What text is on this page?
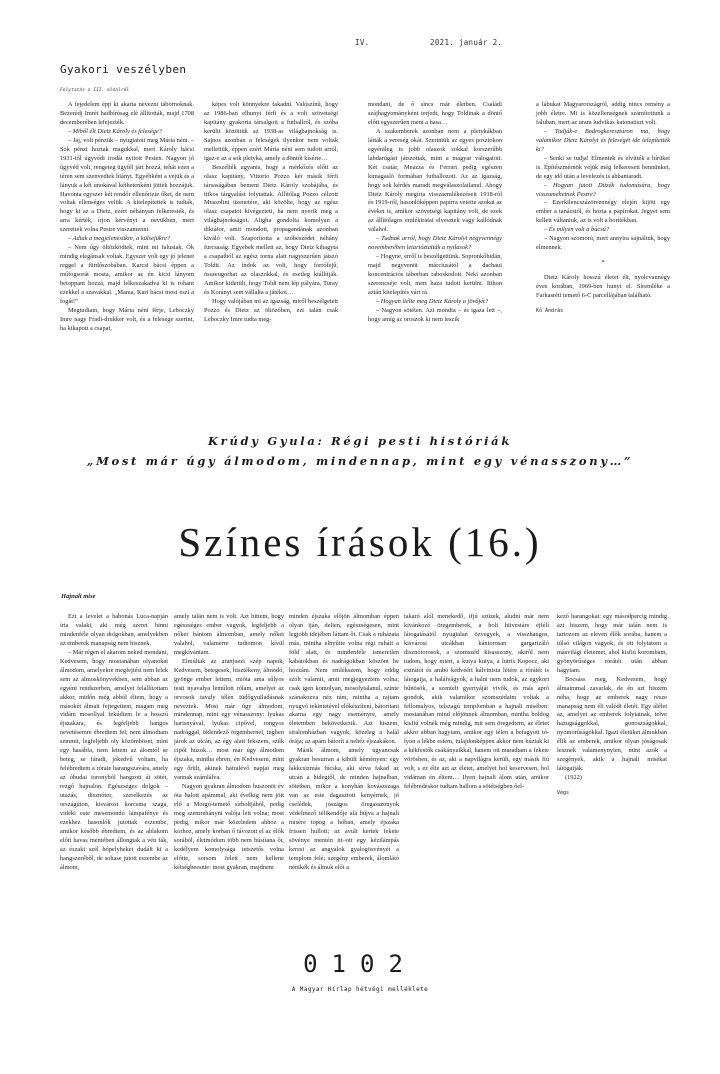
IV.	2021. január 2.
Gyakori veszélyben
Folytatás a III. oldalról

A fejedelem épp ki akarta nevezni tábornoknak. Bezerédj Imrét hadbírósag elé állították, majd 1708 decemberében lefejezték.

– Miből élt Dietz Károly és felesége?

– Jaj, volt pénzük – nyugtatott meg Mária néni. – Sok pénzt hoztak magukkal, mert Károly bácsi 1931-től úgyvédi irodát nyitott Pesten. Nagyon jó úgyvéd volt, rengeteg ügyfél járt hozzá, tehát ezen a téren sem szenvedtek hiányt. Egyébként a vejük és a lányuk a két unokával kéthetenként jöttek hozzájuk. Havonta egyszer két rendőr ellenőrizte őket, de nem voltak ellenséges velük. A kitelepítettek is tudták, hogy ki az a Dietz, ezért néhányan felkeresték, és arra kérték, írjon kérvényt a nevükben, mert szerettek volna Pestre visszamenni.

– Adtak a megjelenésükre, a külsejükre?

– Nem úgy öltözködtek, mint mi falusiak. Ők mindig elegánsak voltak. Egyszer volt egy jó jelenet reggel a fürdőszobában. Karcsi bácsi éppen a műfogsorát mosta, amikor az én kicsi lányom betoppant hozzá, majd lelkeszakadva ki is rohant ezekkel a szavakkal. „Mama, Kari bácsi most eszi a fogát!”

Megtudtam, hogy Mária néni férje, Leboczky Imre nagy Fradi-drukker volt, és a felesége szerint, ha kikapott a csapat,

képes volt könnyekre fakadni. Valószínű, hogy az 1986-ban elhunyt férfi és a volt szövetségi kapitány gyakorta társalgott a futballról, és szóba kerülit közöttük az 1938-as világbajnokság is. Sajnos azonban a feleségek ilyenkor nem voltak mellettük, éppen ezért Mária néni sem tudott arról, igaz-e az a sok pletyka, amely a döntőt kísérte…

Beszélték ugyanis, hogy a mérkőzés előtt az olasz kapitány, Vittorio Pozzo két másik férfi társaságában bement Dietz Károly szobájába, és titkos tárgyalást folytattak. Állítólag Pozzo célzott Mussolini üzenetére, aki közölte, hogy az egész olasz csapatot kivégezteti, ha nem nyerik meg a világbajnokságot. Aligha gondolta komolyan a diktátor, amit mondott, propagandának azonban kiváló volt. Szaporította a szóbeszédet néhány furcsaság. Egyebek mellett az, hogy Dietz kihagyta a csapatból az egész torna alatt nagyszerűen játszó Toldit. Az indok az volt, hogy forrófejű, összeugorhat az olaszokkal, és esetleg kiállítják. Amikor kiderült, hogy Toldi nem lép pályára, Turay és Korányi sem vállalta a játékot…

Hogy valójában mi az igazság, miről beszélgetett Pozzo és Dietz az öltözőben, ezt talán csak Leboczky Imre tudta meg-

mondani, de ő sincs már életben. Családi szájhagyományként terjedt, hogy Toldinak a döntő előtt egyszerűen ment a hasa…

A szakemberek azonban nem a pletykákban látták a vereség okát. Szerintük az egyes posztokon egyénileg is jobb olaszok sokkal korszerűbb labdarúgást játszottak, mint a magyar válogatott. Két csatár, Meazza és Ferrari pedig egészen kimagasló formában futballozott. Az az igazság, hogy sok kérdés maradt megválaszolatlanul. Ahogy Dietz Károly megírta visszaemlékezéseit 1918-ról és 1919-ről, hasonlóképpen papírra vetette azokat az éveket is, amikor szövetségi kapitány volt, de ezek az állítólagos emlékiratai elvesztek vagy kallódnak valahol.

– Tudnak arról, hogy Dietz Károlyt negyvennégy novemberében letartóztatták a nyilasok?

– Hogyne, erről is beszélgettünk. Sopronkőhidán, majd negyvenöt márciusától a dachaui koncentrációs táborban raboskodott. Neki azonban szerencséje volt, mert haza tudott kerülni. Itthon aztán kitelepítés várt rá.

– Hogyan ítélte meg Dietz Károly a jövőjét?

– Nagyon sötéten. Azt mondta – és igaza lett –, hogy amíg az oroszok ki nem teszik

a lábukat Magyarországról, addig nincs remény a jobb életre. Mi is közellenségnek számítottunk a faluban, mert az uram ludvikás katonatiszt volt.

– Tudják-e Bodrogkeresztúron ma, hogy valamikor Dietz Károlyt és feleségét ide telepítették ki?

– Senki se tudja! Elmentek és elvitték a hírüket is. Építészmérnök vejük még felkeresett bennünket, de egy idő után a levelezés is abbamaradt.

– Hogyan jutott Ditzék tudomására, hogy visszamehetnek Pestre?

– Ezerkilencszázötvennégy elején kijött egy ember a tanácstól, és hozta a papírokat. Jegyet sem kellett váltaniuk, az is volt a borítékban.

– És milyen volt a búcsú?

– Nagyon szomorú, mert annyira sajnáltuk, hogy elmennek.

*

Dietz Károly hosszú életet élt, nyolcvannégy éves korában, 1969-ben hunyt el. Síremléke a Farkasréti temető 6-C parcellájában található.

Kő András

Krúdy Gyula: Régi pesti históriák
„Most már úgy álmodom, mindennap, mint egy vénasszony…”
Színes írások (16.)
Hajnali mise

Ezt a levelet a babonás Luca-napján írta valaki, aki még szeret hinni mindenféle olyan dolgokban, amelyekben az emberek manapság nem hisznek.

– Már régen el akarom neked mondani, Kedvesem, hogy mostanában olyanokat álmodom, amelyekre megfejtést nem lelek sem az álmoskönyvekben, sem abban az egyéni rendszerben, amelyet felállítottam akkor, midőn még abból éltem, hogy a másokét álmait fejtegettem, magam meg vidám mosollyal fekúdtem le a hosszú éjszakára, és legfeljebb hangos nevetésemre ébredtem fel; nem álmodtam semmit, legfeljebb oly közömböset, mint egy hasábfa, nem lettem az álomtól se beteg, se fáradt, jókedvű voltam, ha felébredtem a rórate harangszavára, amely az óbudai toronyból hangzott át sötét, rezgő hajnalon. Egészséges dolgok – utazás, disznótor, szerelkezés az országúton, kisvárosi korcsma szaga, vidéki este mesemondó lámpafénye és ezekhez hasonlók jutottak eszembe, amikor később ébredtem, és az ablakom előtt havas mentében állongtak a vén fák, az északi szél hópelyheket dudált ki a hangszeréből, de sohase jutott eszembe az álmom,

amely talán nem is volt. Azt hittem, hogy egészséges ember vagyok, legfeljebb a nőket bántom álmomban, amely nőket valahol, valamerre tudtomon kívül megkívántam.

Elmúltak az aranjuezi szép napok, Kedvesem, betegesek, hisztékeny, álmodó, gyönge ember lettem, mióta ama sűlyos testi nyavalya lemúlott rólam, amelyet az orvosok tavaly télen tüdőgyulladásnak neveztek. Most már úgy álmodom, mindennap, mint egy vénasszony: lyukas harisnyával, lyukas cipővel, rongyos nadrággal, öklendező örgembernel, ingben járok az utcán, az égy alatt fekszem, szűk cipőt húzok… most már úgy álmodom éjszaka, mintha ébren, én Kedvesem, mint egy őrült, akinek hátralévő napjai meg vannak számlálva.

Nagyon gyakran álmodom huszonöt év óta halott apámmal, aki évelkig nem jött elő a Morgó-temető sírboltjából, pedig meg szemrehányni valója lett volna; most pedig, mikor már közeledem ahhoz a korhoz, amely korban ő távozott el az élők sorából, életmódom több nem búsítana őt, kedélyem komolysága tetszetős volna előtte, sorsom felett nem kellene kétségbeesnie: most gyakran, majdnem

minden éjszaka előjön álmomban éppen olyan iján, delien, egészségesen, mint legjobb idejében láttam őt. Csak a ruházata más, mintha elnyűtte volna régi ruháit a föld alatt, és mindenféle ismeretlen kabátokban és nadrágokban köszönt be hozzám. Nem emlékszem, hogy eddig szólt valamit, amit megjegyeztem volna; csak igen komolyan, mosolytalanul, szinte szánakozva néz rám, mintha a rajtam nyugvó tekintetével előkészítení, bátorítani akarna egy nagy eseményre, amely életemben bekövetkezik. Azt hiszem, siralomházban vagyok, közeleg a halál órája; az apám bátorít a nehéz éjszakákon.

Másik álmom, amely ugyancsak gyakran besurran a kibült kéményen: egy lakkcsizmás fúcska, aki sírva fakad az utcán a hidegtől, de minden hajnalban, sötétben, mikor a konyhán kovászszaga van az este dagasztott kenyérnek, jó cselédek, jószágos öregasszonyok védelmező télikendője alá bújva a hajnali misére topog a hóban, amely éjszaka frissen hullott; az avult kertek fekete sövénye mentén itt–ott egy kézilámpás keresi az angyalok gyalogösvényét a templom felé; szegény emberek, álomlátó nénikék és álmuk előt a

takaró alól menekedő, ifjú szüzek, aludni már nem kivánkozó öregemberek, a holt hitvestárs éjfélí látogatásától nyugtalan özvegyek, a visszhangos, kisvárosi utcákban kántorosan gargarizáló disznótorosok, a szomszéd kisasszony, akiről nem tudom, hogy miért, a kutya kutya, a lutris Kopocz, aki extrátói és ambó kedvéért kálvinista létére a rórátét is látogatja, a halálvágyók, a halni nem tudók, az egykori bűnösök, a szentelt gyertyáját vivők, és más apró gondok, akik valamikor szomszédaim voltak a fellomalyos, telszagú templomban a hajnali misében: mostanában mind előjönnek álmomban, mintha boldog kisfiú volnék még mindig, mit sem öregedtem, az életet akkor abban hagytam, amikor egy télen a befagyott tólyon a lékbe estem, tulajdonképpen akkor nem húztak ki a kékfestők csákányaikkal, hanem ott maradtam a fekete vörösben, és az, aki a napvilágra került, egy másik fiú volt, s ez élte azt az életet, amelyet hol keservesen, hol vidáman én éltem… Ilyen hajnali álom után, amikor felébredéskor tudtam hallom a sötétségben őel-

kező harangokat: egy másodpercig mindig azt hiszem, hogy már talán nem is tartozom az eleven élők sorába, hanem a túlsó világon vagyok, és ott folytatom a másvilági életemet, ahol kisfiú korombam, gyönyörűséges rórátét után abban hagytam.

Bocsáss meg, Kedvesem, hogy álmaimmal zavarlak, de én azt hiszem néha, hogy az emberek nagy része manapság nem éli valódi életét. Egy álélet az, amelyet az emberek folytatnak, telve hazugsággokkal, gonoszságokkal, nyomorúságokkal. Igazi életüket álmukban élik az emberek, amikor olyan jóságosak lesznek valamenynyien, mint azok a szegények, akik a hajnali misékat látogatják.

(1922)

Végs

0102
A Magyar Hírlap hétvégi melléklete
